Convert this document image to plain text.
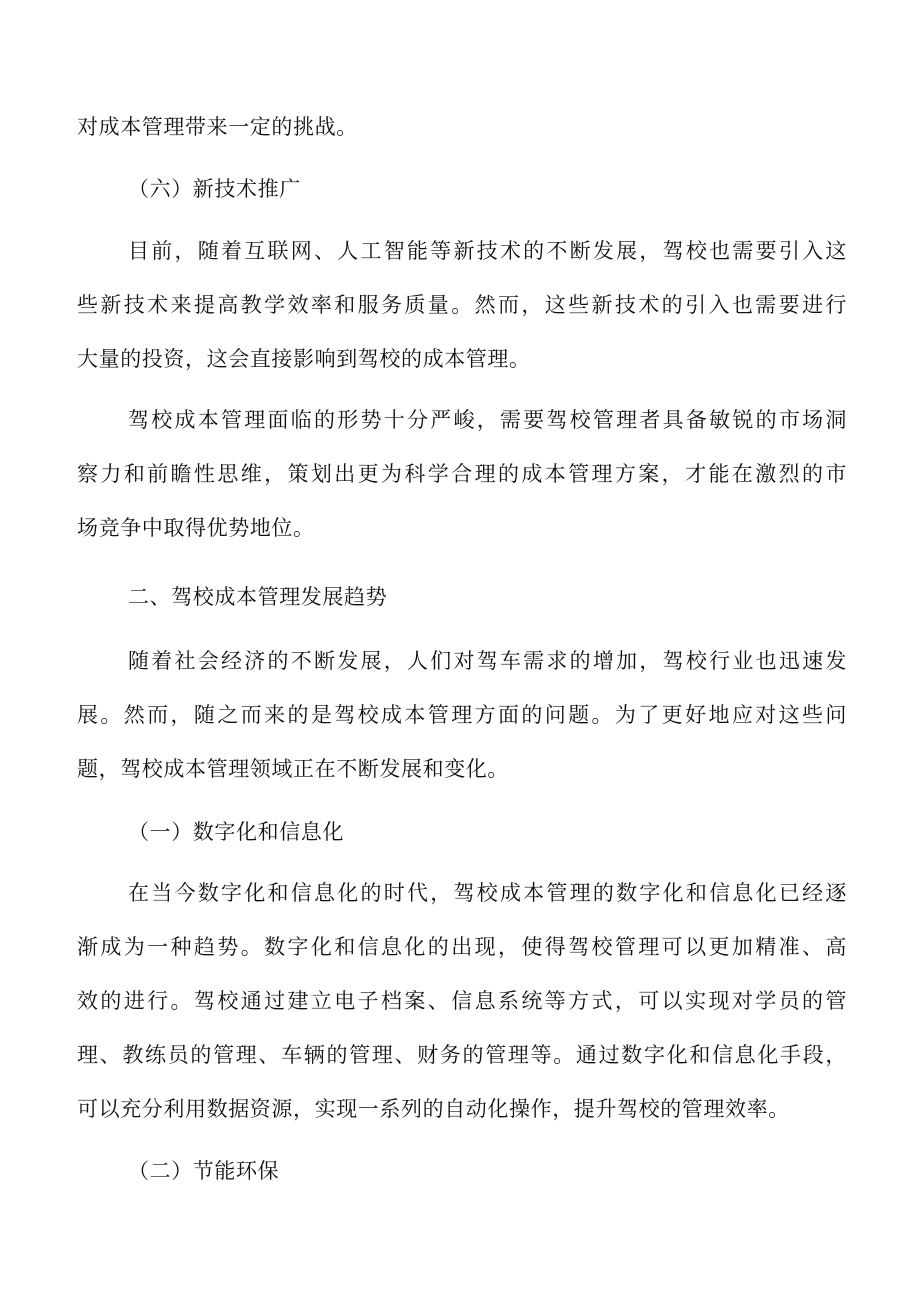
对成本管理带来一定的挑战。
（六）新技术推广
目前，随着互联网、人工智能等新技术的不断发展，驾校也需要引入这
些新技术来提高教学效率和服务质量。然而，这些新技术的引入也需要进行
大量的投资，这会直接影响到驾校的成本管理。
驾校成本管理面临的形势十分严峻，需要驾校管理者具备敏锐的市场洞
察力和前瞻性思维，策划出更为科学合理的成本管理方案，才能在激烈的市
场竞争中取得优势地位。
二、驾校成本管理发展趋势
随着社会经济的不断发展，人们对驾车需求的增加，驾校行业也迅速发
展。然而，随之而来的是驾校成本管理方面的问题。为了更好地应对这些问
题，驾校成本管理领域正在不断发展和变化。
（一）数字化和信息化
在当今数字化和信息化的时代，驾校成本管理的数字化和信息化已经逐
渐成为一种趋势。数字化和信息化的出现，使得驾校管理可以更加精准、高
效的进行。驾校通过建立电子档案、信息系统等方式，可以实现对学员的管
理、教练员的管理、车辆的管理、财务的管理等。通过数字化和信息化手段，
可以充分利用数据资源，实现一系列的自动化操作，提升驾校的管理效率。
（二）节能环保
